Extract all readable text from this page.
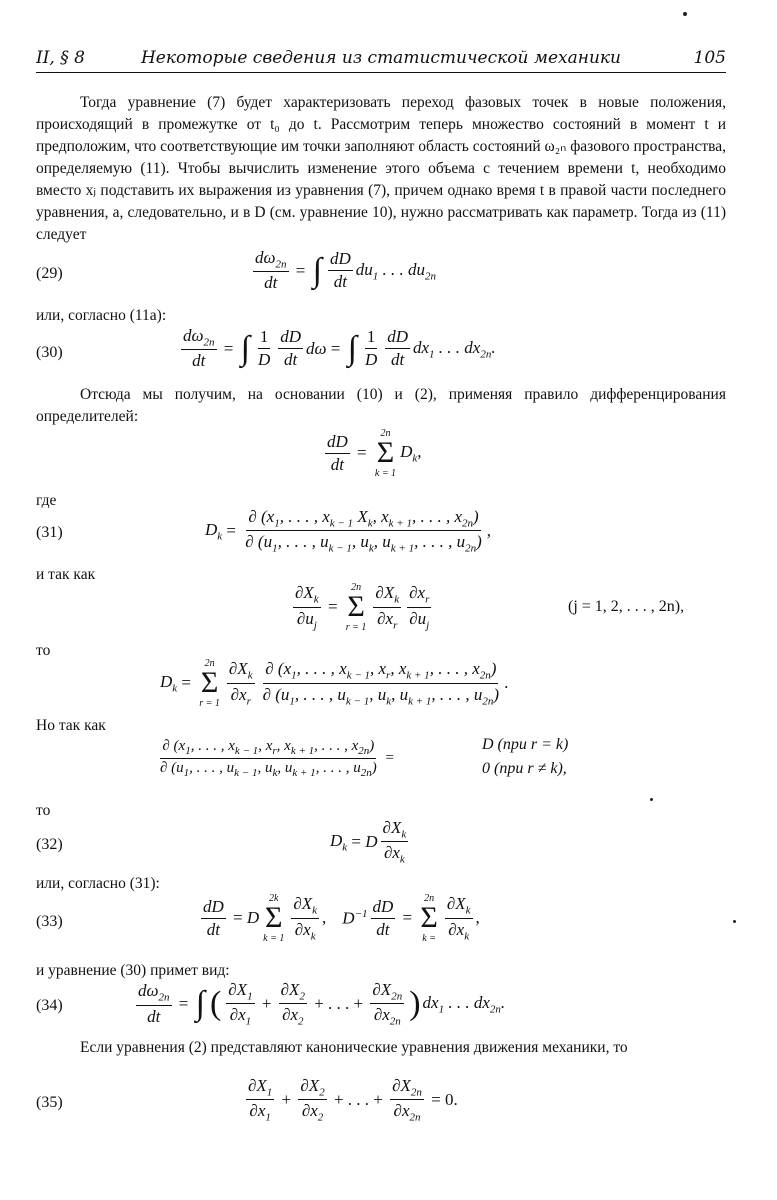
II, § 8	Некоторые сведения из статистической механики	105
Тогда уравнение (7) будет характеризовать переход фазовых точек в новые положения, происходящий в промежутке от t₀ до t. Рассмотрим теперь множество состояний в момент t и предположим, что соответствующие им точки заполняют область состояний ω₂ₙ фазового пространства, определяемую (11). Чтобы вычислить изменение этого объема с течением времени t, необходимо вместо xⱼ подставить их выражения из уравнения (7), причем однако время t в правой части последнего уравнения, а, следовательно, и в D (см. уравнение 10), нужно рассматривать как параметр. Тогда из (11) следует
(29)	$\frac{d\omega_{2n}}{dt}$ = ∫ $\frac{dD}{dt} du_1$ . . . $du_{2n}$
или, согласно (11а):
(30)	$\frac{d\omega_{2n}}{dt}$ = ∫ $\frac{1}{D} \frac{dD}{dt}$ dω = ∫ $\frac{1}{D} \frac{dD}{dt} dx_1$ . . . $dx_{2n}$.
Отсюда мы получим, на основании (10) и (2), применяя правило дифференцирования определителей:
$\frac{dD}{dt}$ =
2n
Σ
k = 1
$D_k$,
где
(31)	$D_k = \frac{\partial (x_1, . . . , x_{k - 1} X_k, x_{k + 1}, . . . , x_{2n})}{\partial (u_1, . . . , u_{k - 1}, u_k, u_{k + 1}, . . . , u_{2n})}$ ,
и так как
$\frac{\partial X_k}{\partial u_j}$ =
2n
Σ
$r = 1 \frac{\partial X_k}{\partial x_r} \frac{\partial x_r}{\partial u_j}$	(j = 1, 2, . . . , 2n),
то
$D_k$ =
2n
Σ
$r = 1 \frac{\partial X_k}{\partial x_r} \frac{\partial (x_1, . . . , x_{k - 1}, x_r, x_{k + 1}, . . . , x_{2n})}{\partial (u_1, . . . , u_{k - 1}, u_k, u_{k + 1}, . . . , u_{2n})}$ .
Но так как
$\frac{\partial (x_1, . . . , x_{k - 1}, x_r, x_{k + 1}, . . . , x_{2n})}{\partial (u_1, . . . , u_{k - 1}, u_k, u_{k + 1}, . . . , u_{2n})}$ =
D (при r = k)
0 (при r ≠ k),
то
(32)	$D_k = D \frac{\partial X_k}{\partial x_k}$
или, согласно (31):
(33)	$\frac{dD}{dt} = D$
2k
Σ
$k = 1 \frac{\partial X_k}{\partial x_k}$ , $D^{-1} \frac{dD}{dt}$ =
2n
Σ
$k = \frac{\partial X_k}{\partial x_k}$ ,
и уравнение (30) примет вид:
(34)	$\frac{d\omega_{2n}}{dt}$ = ∫ ( $\frac{\partial X_1}{\partial x_1} + \frac{\partial X_2}{\partial x_2}$ + . . . + $\frac{\partial X_{2n}}{\partial x_{2n}}$ ) $dx_1$ . . . $dx_{2n}$.
Если уравнения (2) представляют канонические уравнения движения механики, то
(35)	$\frac{\partial X_1}{\partial x_1} + \frac{\partial X_2}{\partial x_2}$ + . . . + $\frac{\partial X_{2n}}{\partial x_{2n}} = 0$.
